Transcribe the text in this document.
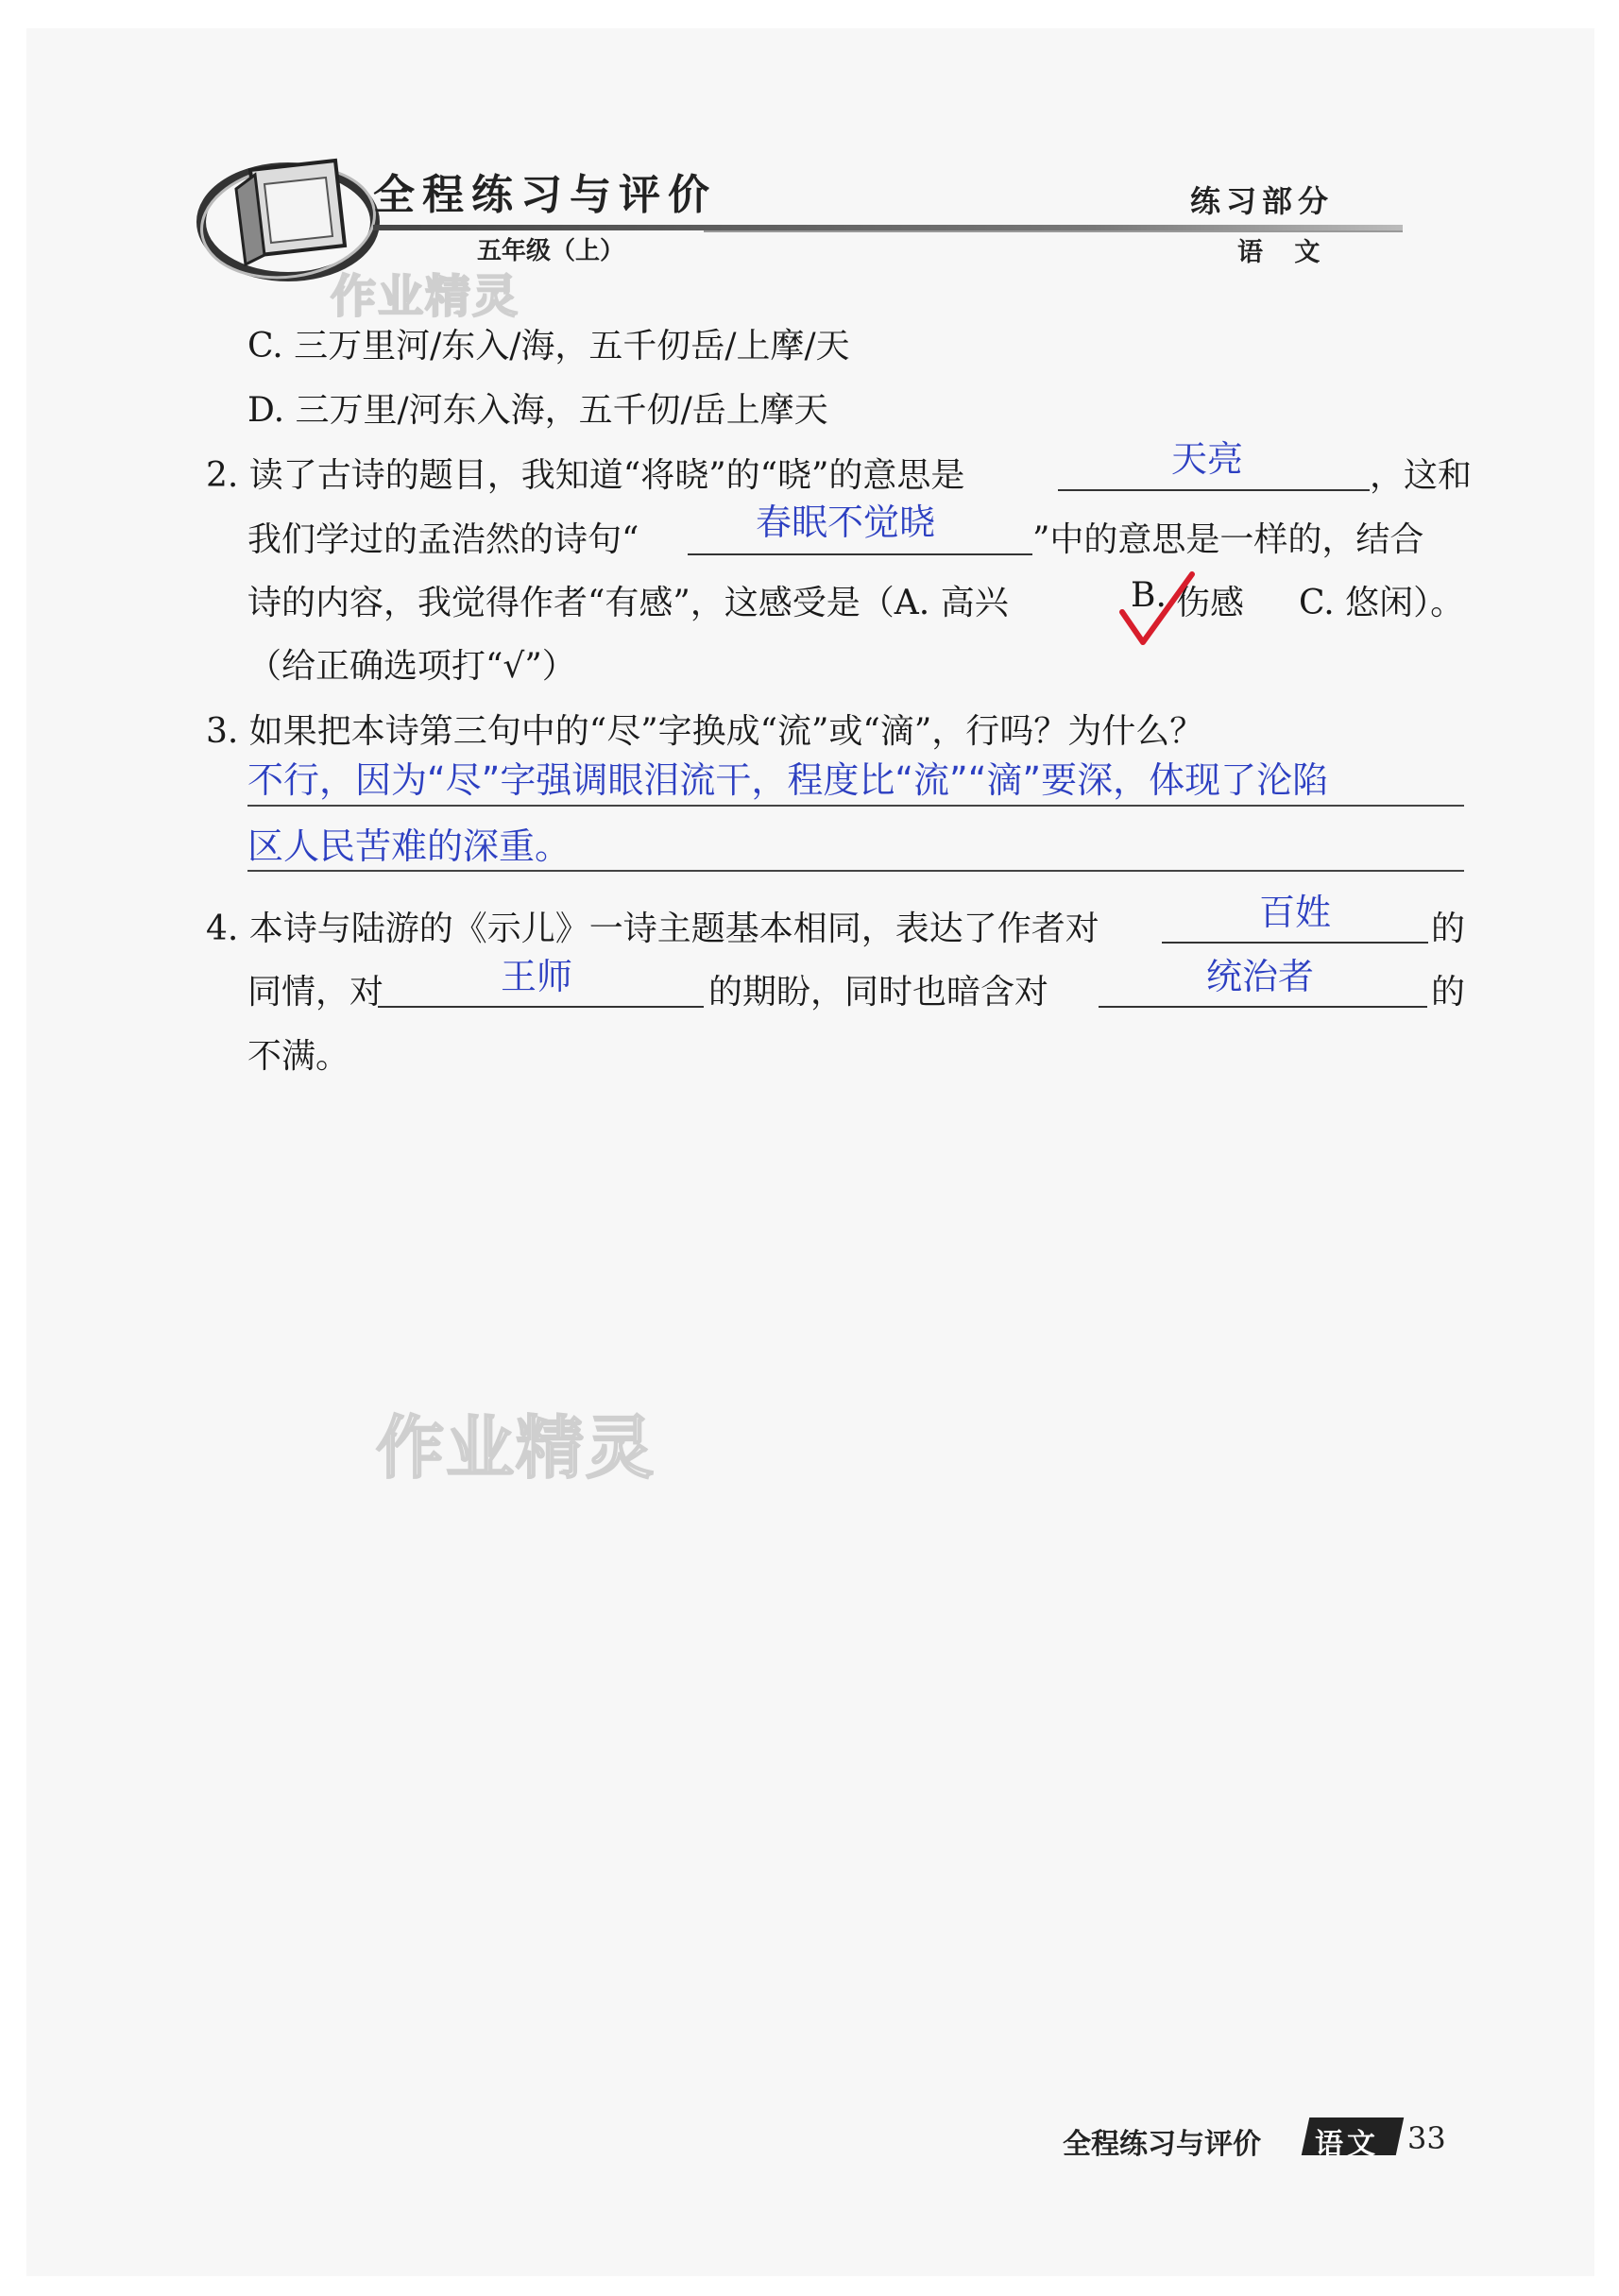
全程练习与评价
五年级（上）
练习部分
语 文
作业精灵
作业精灵
C. 三万里河/东入/海，五千仞岳/上摩/天
D. 三万里/河东入海，五千仞/岳上摩天
2. 读了古诗的题目，我知道“将晓”的“晓”的意思是	天亮	，这和
我们学过的孟浩然的诗句“	春眠不觉晓	”中的意思是一样的，结合
诗的内容，我觉得作者“有感”，这感受是（A. 高兴	B. 伤感 C. 悠闲）。
（给正确选项打“√”）
3. 如果把本诗第三句中的“尽”字换成“流”或“滴”，行吗？为什么？
不行，因为“尽”字强调眼泪流干，程度比“流”“滴”要深，体现了沦陷
区人民苦难的深重。
4. 本诗与陆游的《示儿》一诗主题基本相同，表达了作者对	百姓	的
同情，对	王师	的期盼，同时也暗含对	统治者	的
不满。
全程练习与评价 语文 33
